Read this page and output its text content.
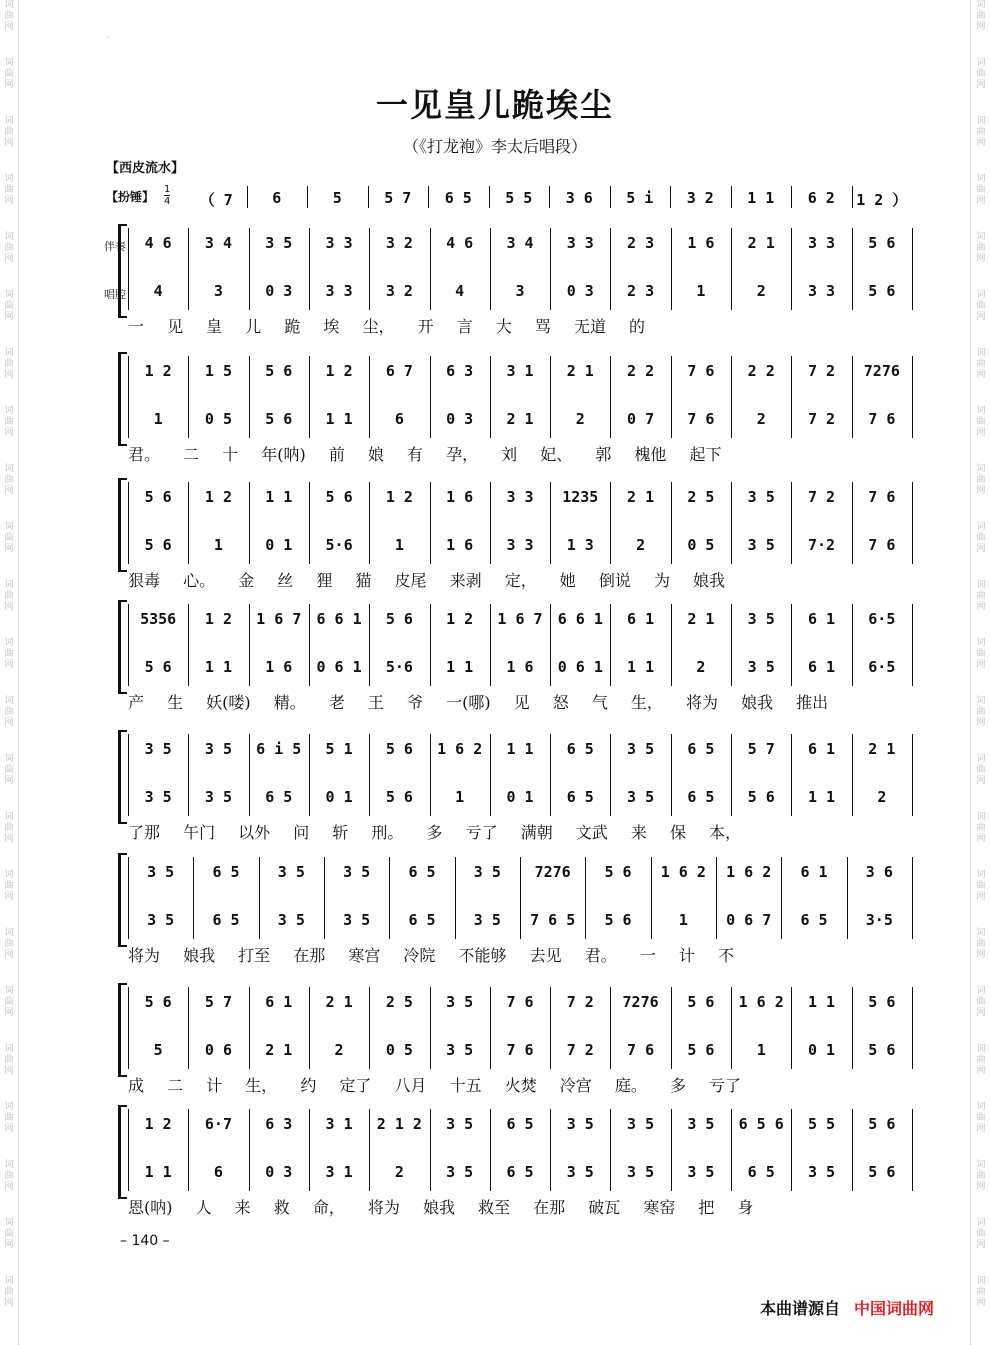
词
曲
网
词
曲
网
词
曲
网
词
曲
网
词
曲
网
词
曲
网
词
曲
网
词
曲
网
词
曲
网
词
曲
网
词
曲
网
词
曲
网
词
曲
网
词
曲
网
词
曲
网
词
曲
网
词
曲
网
词
曲
网
词
曲
网
词
曲
网
词
曲
网
词
曲
网
词
曲
网
词
曲
网
词
曲
网
词
曲
网
词
曲
网
词
曲
网
词
曲
网
词
曲
网
词
曲
网
词
曲
网
词
曲
网
词
曲
网
词
曲
网
词
曲
网
词
曲
网
词
曲
网
词
曲
网
词
曲
网
词
曲
网
词
曲
网
词
曲
网
词
曲
网
词
曲
网
词
曲
网
·
一见皇儿跪埃尘
（《打龙袍》李太后唱段）
【西皮流水】
【扮锤】
1
4	（ 7	6	5	5 7	6 5	5 5	3 6	5 i	3 2	1 1	6 2	1 2 ）
伴奏
唱腔
4 6	3 4	3 5	3 3	3 2	4 6	3 4	3 3	2 3	1 6	2 1	3 3	5 6
4	3	0 3	3 3	3 2	4	3	0 3	2 3	1	2	3 3	5 6
一 见 皇 儿 跪 埃 尘， 开 言 大 骂 无道 的
1 2	1 5	5 6	1 2	6 7	6 3	3 1	2 1	2 2	7 6	2 2	7 2	7276
1	0 5	5 6	1 1	6	0 3	2 1	2	0 7	7 6	2	7 2	7 6
君。 二 十 年(呐) 前 娘 有 孕， 刘 妃、 郭 槐他 起下
5 6	1 2	1 1	5 6	1 2	1 6	3 3	1235	2 1	2 5	3 5	7 2	7 6
5 6	1	0 1	5·6	1	1 6	3 3	1 3	2	0 5	3 5	7·2	7 6
狠毒 心。 金 丝 狸 猫 皮尾 来剥 定， 她 倒说 为 娘我
5356	1 2	1 6 7	6 6 1	5 6	1 2	1 6 7	6 6 1	6 1	2 1	3 5	6 1	6·5
5 6	1 1	1 6	0 6 1	5·6	1 1	1 6	0 6 1	1 1	2	3 5	6 1	6·5
产 生 妖(喽) 精。 老 王 爷 一(哪) 见 怒 气 生， 将为 娘我 推出
3 5	3 5	6 i 5	5 1	5 6	1 6 2	1 1	6 5	3 5	6 5	5 7	6 1	2 1
3 5	3 5	6 5	0 1	5 6	1	0 1	6 5	3 5	6 5	5 6	1 1	2
了那 午门 以外 问 斩 刑。 多 亏了 满朝 文武 来 保 本，
3 5	6 5	3 5	3 5	6 5	3 5	7276	5 6	1 6 2	1 6 2	6 1	3 6
3 5	6 5	3 5	3 5	6 5	3 5	7 6 5	5 6	1	0 6 7	6 5	3·5
将为 娘我 打至 在那 寒宫 冷院 不能够 去见 君。 一 计 不
5 6	5 7	6 1	2 1	2 5	3 5	7 6	7 2	7276	5 6	1 6 2	1 1	5 6
5	0 6	2 1	2	0 5	3 5	7 6	7 2	7 6	5 6	1	0 1	5 6
成 二 计 生， 约 定了 八月 十五 火焚 冷宫 庭。 多 亏了
1 2	6·7	6 3	3 1	2 1 2	3 5	6 5	3 5	3 5	3 5	6 5 6	5 5	5 6
1 1	6	0 3	3 1	2	3 5	6 5	3 5	3 5	3 5	6 5	3 5	5 6
恩(呐) 人 来 救 命， 将为 娘我 救至 在那 破瓦 寒窑 把 身
– 140 –
本曲谱源自 中国词曲网
